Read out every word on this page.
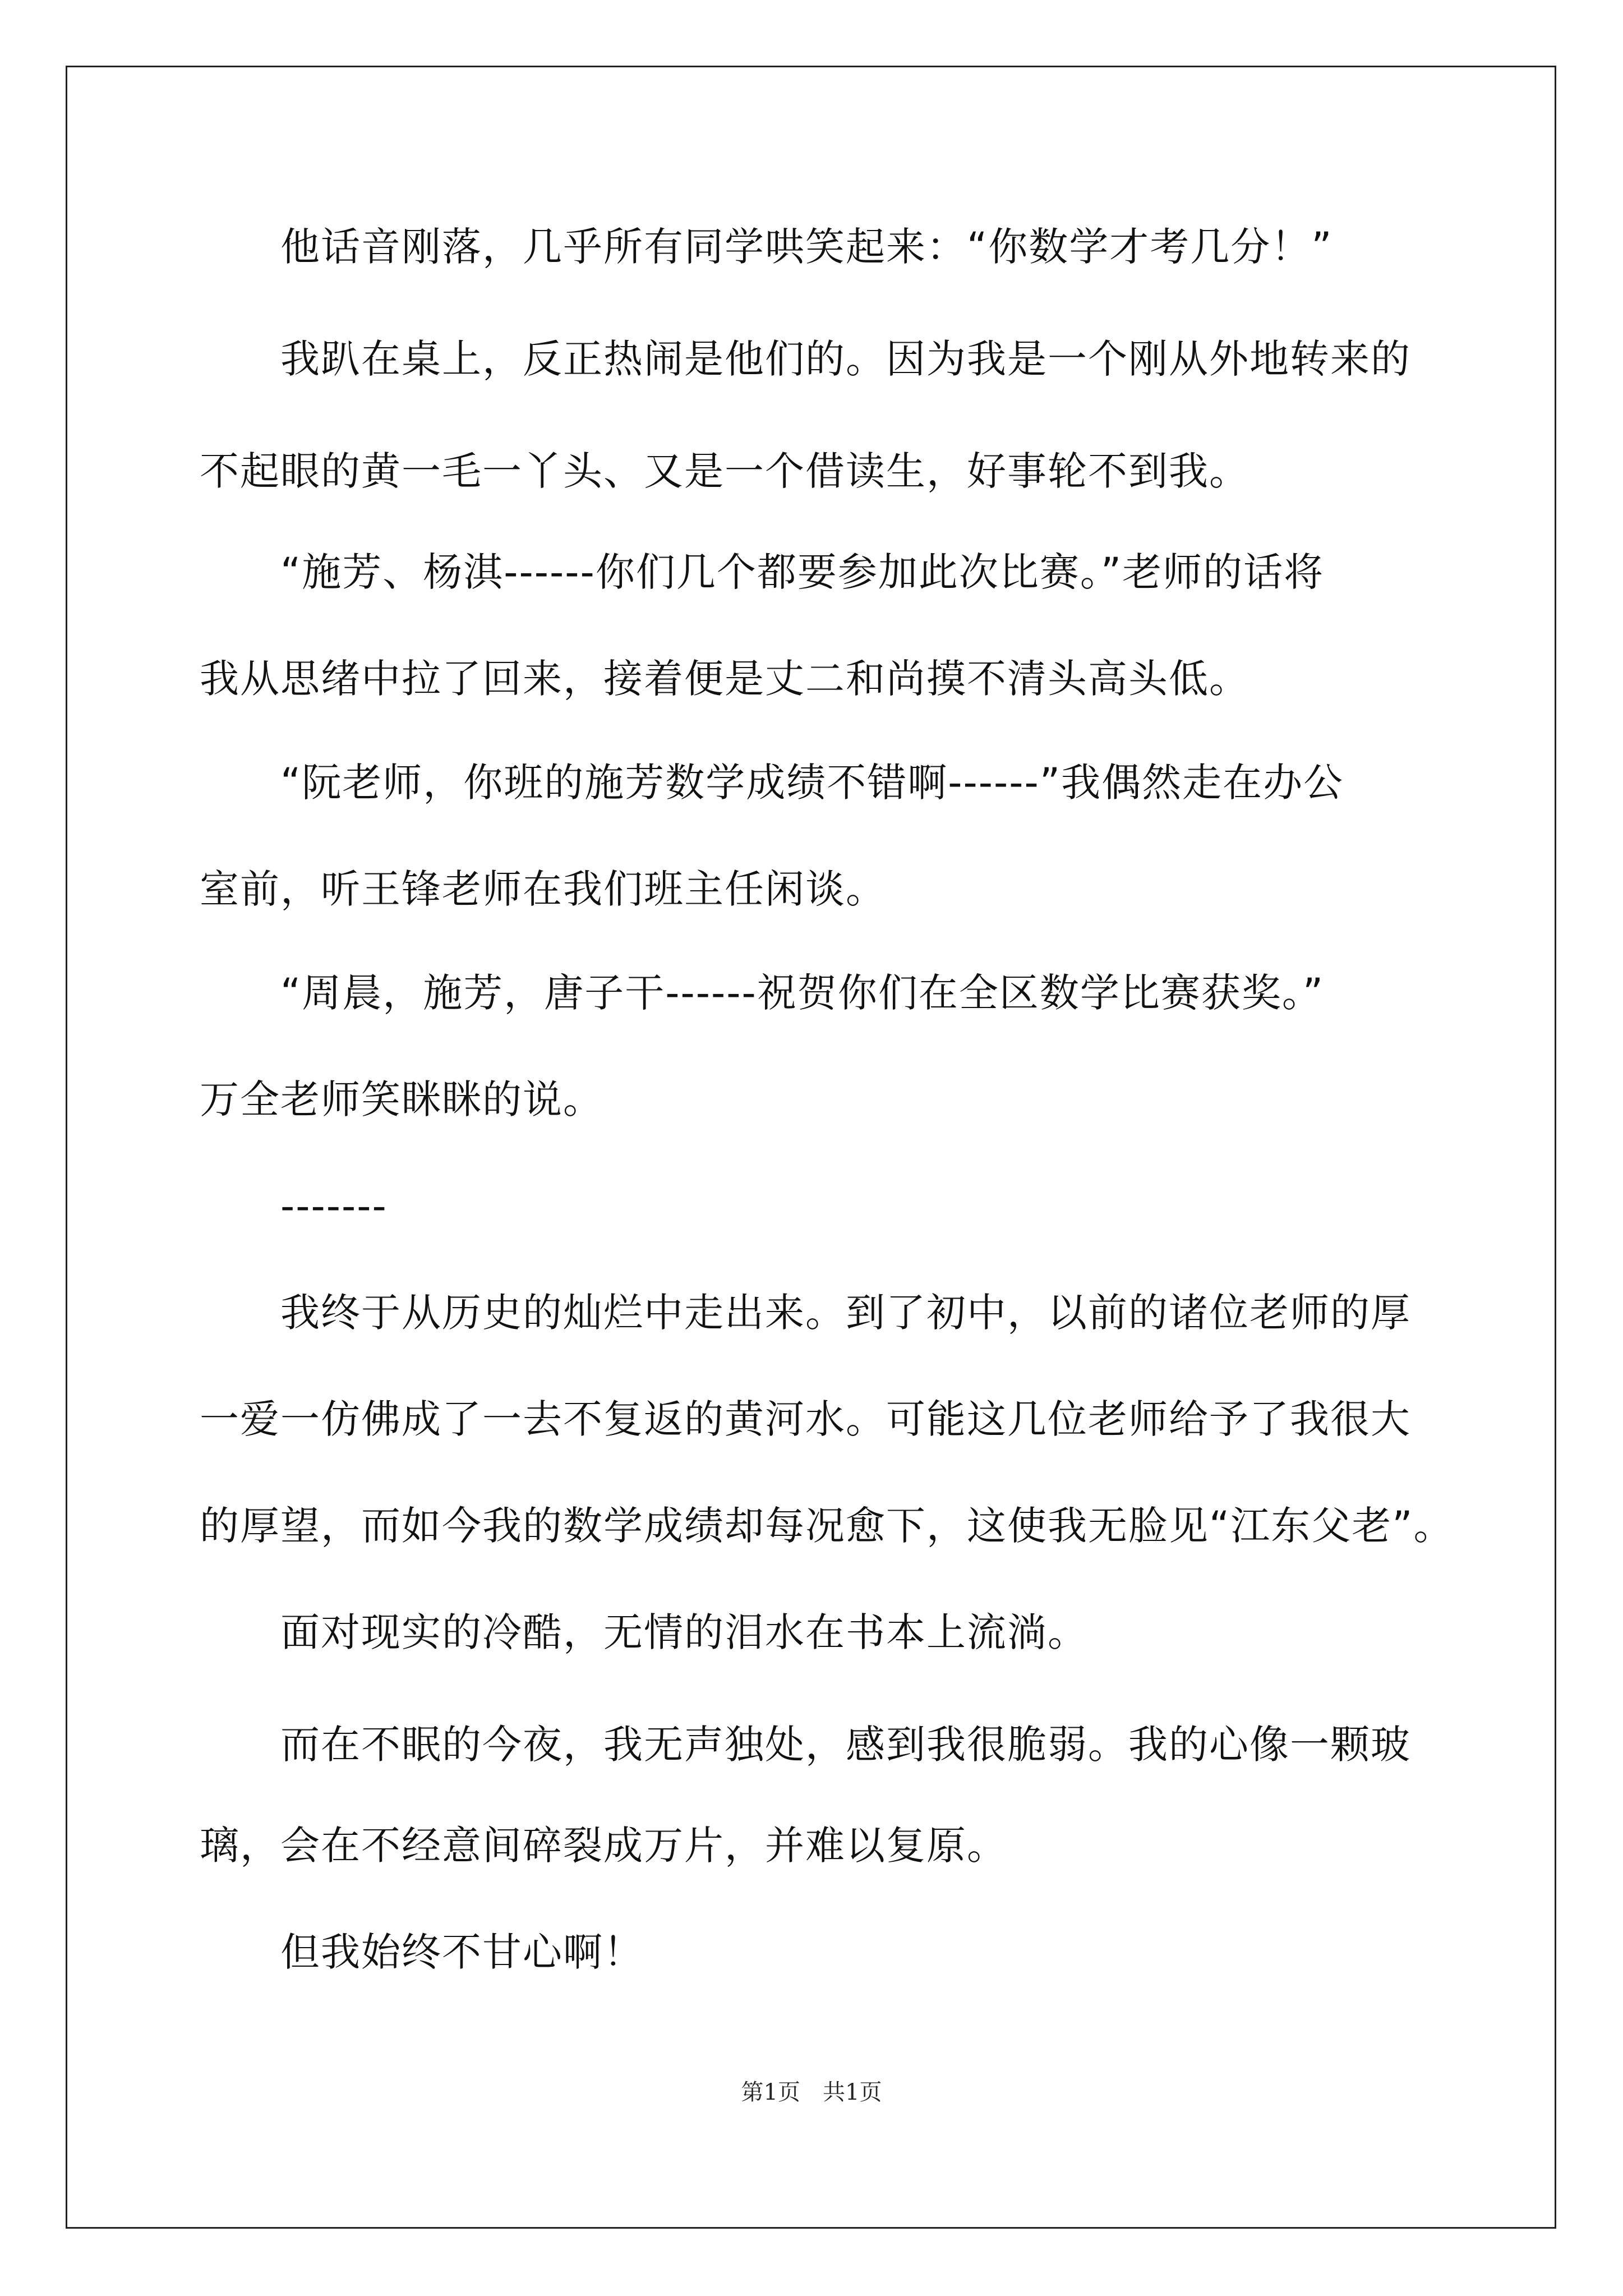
　　他话音刚落，几乎所有同学哄笑起来：“你数学才考几分！”
　　我趴在桌上，反正热闹是他们的。因为我是一个刚从外地转来的
不起眼的黄一毛一丫头、又是一个借读生，好事轮不到我。
　　“施芳、杨淇------你们几个都要参加此次比赛。”老师的话将
我从思绪中拉了回来，接着便是丈二和尚摸不清头高头低。
　　“阮老师，你班的施芳数学成绩不错啊------”我偶然走在办公
室前，听王锋老师在我们班主任闲谈。
　　“周晨，施芳，唐子干------祝贺你们在全区数学比赛获奖。”
万全老师笑眯眯的说。
　　-------
　　我终于从历史的灿烂中走出来。到了初中，以前的诸位老师的厚
一爱一仿佛成了一去不复返的黄河水。可能这几位老师给予了我很大
的厚望，而如今我的数学成绩却每况愈下，这使我无脸见“江东父老”。
　　面对现实的冷酷，无情的泪水在书本上流淌。
　　而在不眠的今夜，我无声独处，感到我很脆弱。我的心像一颗玻
璃，会在不经意间碎裂成万片，并难以复原。
　　但我始终不甘心啊！
第1页　共1页
